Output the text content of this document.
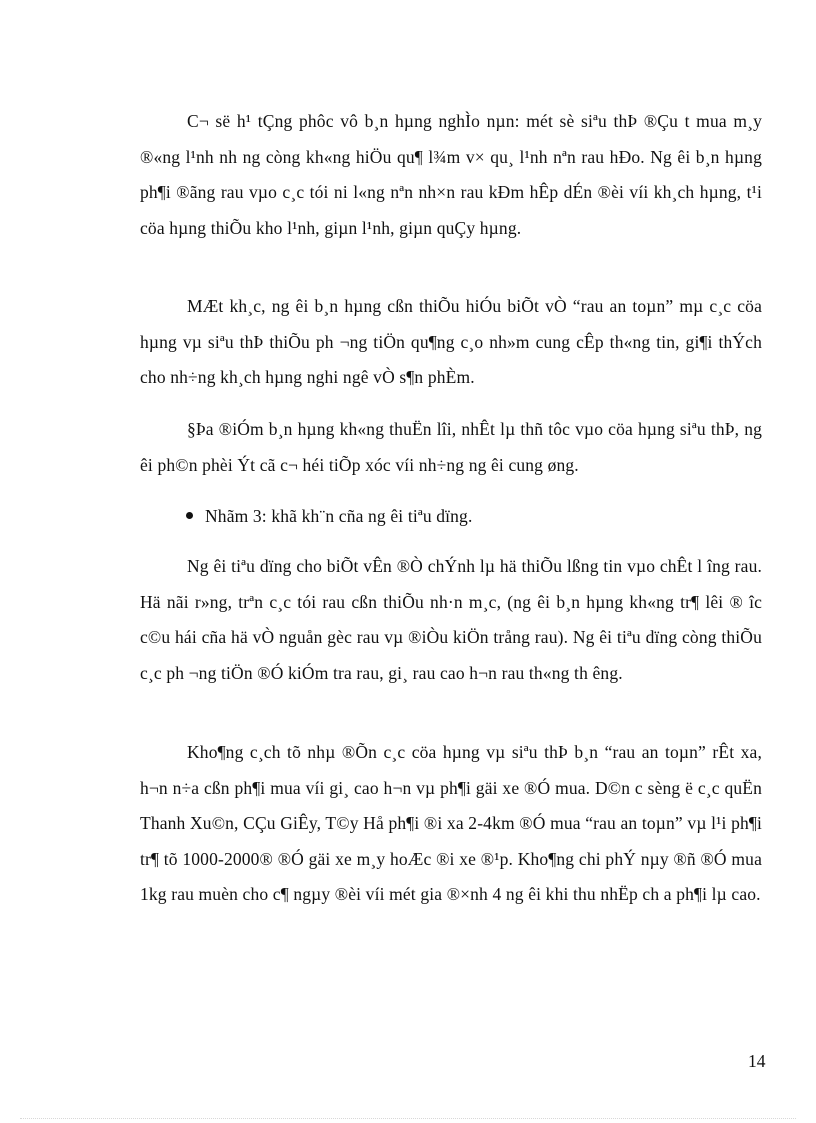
C¬ së h¹ tÇng phôc vô b¸n hµng nghÌo nµn: mét sè siªu thÞ ®Çu t mua m¸y ®«ng l¹nh nh ng còng kh«ng hiÖu qu¶ l¾m v× qu¸ l¹nh nªn rau hÐo. Ng êi b¸n hµng ph¶i ®ãng rau vµo c¸c tói ni l«ng nªn nh×n rau kÐm hÊp dÉn ®èi víi kh¸ch hµng, t¹i cöa hµng thiÕu kho l¹nh, giµn l¹nh, giµn quÇy hµng.

MÆt kh¸c, ng êi b¸n hµng cßn thiÕu hiÓu biÕt vÒ “rau an toµn” mµ c¸c cöa hµng vµ siªu thÞ thiÕu ph ¬ng tiÖn qu¶ng c¸o nh»m cung cÊp th«ng tin, gi¶i thÝch cho nh÷ng kh¸ch hµng nghi ngê vÒ s¶n phÈm.

§Þa ®iÓm b¸n hµng kh«ng thuËn lîi, nhÊt lµ thñ tôc vµo cöa hµng siªu thÞ, ng êi ph©n phèi Ýt cã c¬ héi tiÕp xóc víi nh÷ng ng êi cung øng.

Nhãm 3: khã kh¨n cña ng êi tiªu dïng.

Ng êi tiªu dïng cho biÕt vÊn ®Ò chÝnh lµ hä thiÕu lßng tin vµo chÊt l îng rau. Hä nãi r»ng, trªn c¸c tói rau cßn thiÕu nh·n m¸c, (ng êi b¸n hµng kh«ng tr¶ lêi ® îc c©u hái cña hä vÒ nguån gèc rau vµ ®iÒu kiÖn trång rau). Ng êi tiªu dïng còng thiÕu c¸c ph ¬ng tiÖn ®Ó kiÓm tra rau, gi¸ rau cao h¬n rau th«ng th êng.

Kho¶ng c¸ch tõ nhµ ®Õn c¸c cöa hµng vµ siªu thÞ b¸n “rau an toµn” rÊt xa, h¬n n÷a cßn ph¶i mua víi gi¸ cao h¬n vµ ph¶i gäi xe ®Ó mua. D©n c sèng ë c¸c quËn Thanh Xu©n, CÇu GiÊy, T©y Hå ph¶i ®i xa 2-4km ®Ó mua “rau an toµn” vµ l¹i ph¶i tr¶ tõ 1000-2000® ®Ó gäi xe m¸y hoÆc ®i xe ®¹p. Kho¶ng chi phÝ nµy ®ñ ®Ó mua 1kg rau muèn cho c¶ ngµy ®èi víi mét gia ®×nh 4 ng êi khi thu nhËp ch a ph¶i lµ cao.

14
